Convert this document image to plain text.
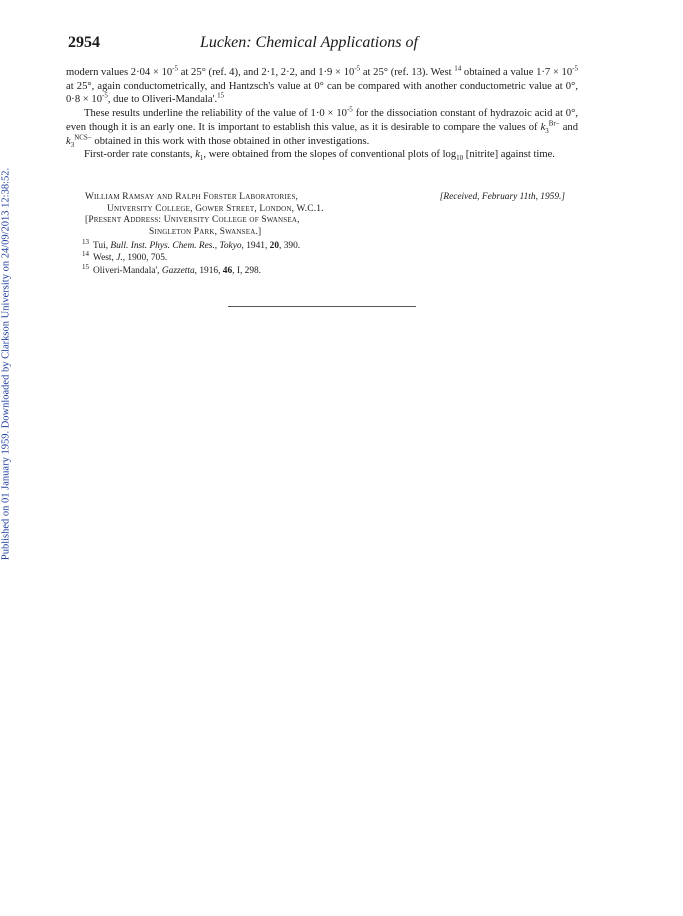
Published on 01 January 1959. Downloaded by Clarkson University on 24/09/2013 12:38:52.
2954	Lucken: Chemical Applications of

modern values $2\cdot 04 \times 10^{-5}$ at 25° (ref. 4), and 2·1, 2·2, and $1\cdot 9 \times 10^{-5}$ at 25° (ref. 13). West $^{14}$ obtained a value $1\cdot 7 \times 10^{-5}$ at 25°, again conductometrically, and Hantzsch's value at 0° can be compared with another conductometric value at 0°, $0\cdot 8 \times 10^{-5}$, due to Oliveri-Mandala'.$^{15}$

These results underline the reliability of the value of $1\cdot 0 \times 10^{-5}$ for the dissociation constant of hydrazoic acid at 0°, even though it is an early one. It is important to establish this value, as it is desirable to compare the values of $k_3^{Br-}$ and $k_3^{NCS-}$ obtained in this work with those obtained in other investigations.

First-order rate constants, $k_1$, were obtained from the slopes of conventional plots of $\log_{10}$ [nitrite] against time.

William Ramsay and Ralph Forster Laboratories,
University College, Gower Street, London, W.C.1.
[Present Address: University College of Swansea,
Singleton Park, Swansea.]
[Received, February 11th, 1959.]
$^{13}$ Tui, Bull. Inst. Phys. Chem. Res., Tokyo, 1941, 20, 390.
$^{14}$ West, J., 1900, 705.
$^{15}$ Oliveri-Mandala', Gazzetta, 1916, 46, I, 298.
